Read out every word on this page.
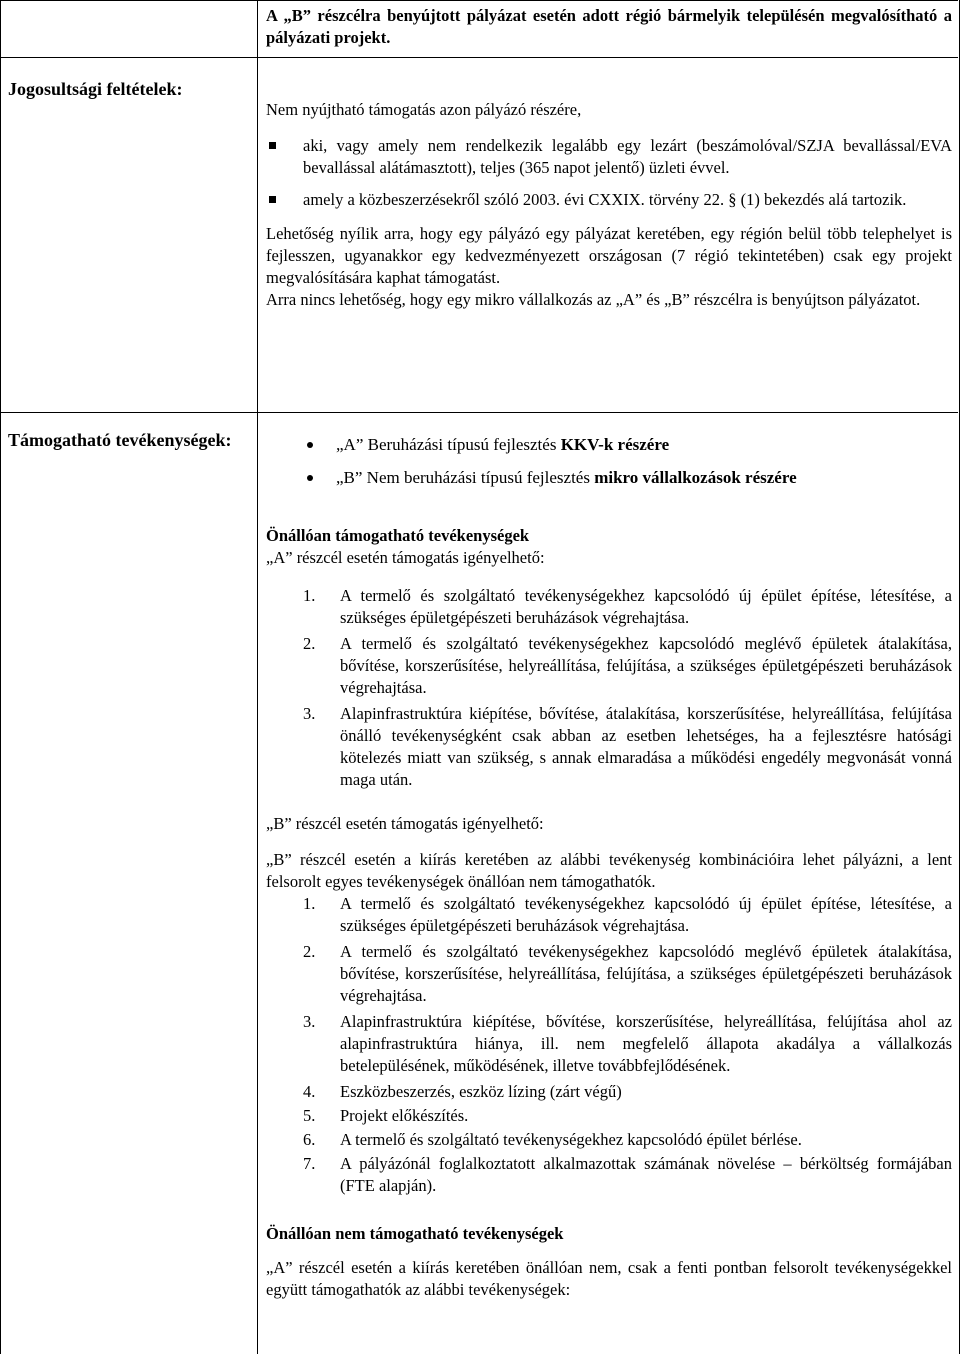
A „B” részcélra benyújtott pályázat esetén adott régió bármelyik településén megvalósítható a pályázati projekt.

Jogosultsági feltételek:

Nem nyújtható támogatás azon pályázó részére,

aki, vagy amely nem rendelkezik legalább egy lezárt (beszámolóval/SZJA bevallással/EVA bevallással alátámasztott), teljes (365 napot jelentő) üzleti évvel.
amely a közbeszerzésekről szóló 2003. évi CXXIX. törvény 22. § (1) bekezdés alá tartozik.

Lehetőség nyílik arra, hogy egy pályázó egy pályázat keretében, egy régión belül több telephelyet is fejlesszen, ugyanakkor egy kedvezményezett országosan (7 régió tekintetében) csak egy projekt megvalósítására kaphat támogatást.

Arra nincs lehetőség, hogy egy mikro vállalkozás az „A” és „B” részcélra is benyújtson pályázatot.

Támogatható tevékenységek:	„A” Beruházási típusú fejlesztés KKV-k részére
„B” Nem beruházási típusú fejlesztés mikro vállalkozások részére

Önállóan támogatható tevékenységek

„A” részcél esetén támogatás igényelhető:

1. A termelő és szolgáltató tevékenységekhez kapcsolódó új épület építése, létesítése, a szükséges épületgépészeti beruházások végrehajtása.
2. A termelő és szolgáltató tevékenységekhez kapcsolódó meglévő épületek átalakítása, bővítése, korszerűsítése, helyreállítása, felújítása, a szükséges épületgépészeti beruházások végrehajtása.
3. Alapinfrastruktúra kiépítése, bővítése, átalakítása, korszerűsítése, helyreállítása, felújítása önálló tevékenységként csak abban az esetben lehetséges, ha a fejlesztésre hatósági kötelezés miatt van szükség, s annak elmaradása a működési engedély megvonását vonná maga után.

„B” részcél esetén támogatás igényelhető:

„B” részcél esetén a kiírás keretében az alábbi tevékenység kombinációira lehet pályázni, a lent felsorolt egyes tevékenységek önállóan nem támogathatók.

1. A termelő és szolgáltató tevékenységekhez kapcsolódó új épület építése, létesítése, a szükséges épületgépészeti beruházások végrehajtása.
2. A termelő és szolgáltató tevékenységekhez kapcsolódó meglévő épületek átalakítása, bővítése, korszerűsítése, helyreállítása, felújítása, a szükséges épületgépészeti beruházások végrehajtása.
3. Alapinfrastruktúra kiépítése, bővítése, korszerűsítése, helyreállítása, felújítása ahol az alapinfrastruktúra hiánya, ill. nem megfelelő állapota akadálya a vállalkozás betelepülésének, működésének, illetve továbbfejlődésének.
4. Eszközbeszerzés, eszköz lízing (zárt végű)
5. Projekt előkészítés.
6. A termelő és szolgáltató tevékenységekhez kapcsolódó épület bérlése.
7. A pályázónál foglalkoztatott alkalmazottak számának növelése – bérköltség formájában (FTE alapján).

Önállóan nem támogatható tevékenységek

„A” részcél esetén a kiírás keretében önállóan nem, csak a fenti pontban felsorolt tevékenységekkel együtt támogathatók az alábbi tevékenységek:
